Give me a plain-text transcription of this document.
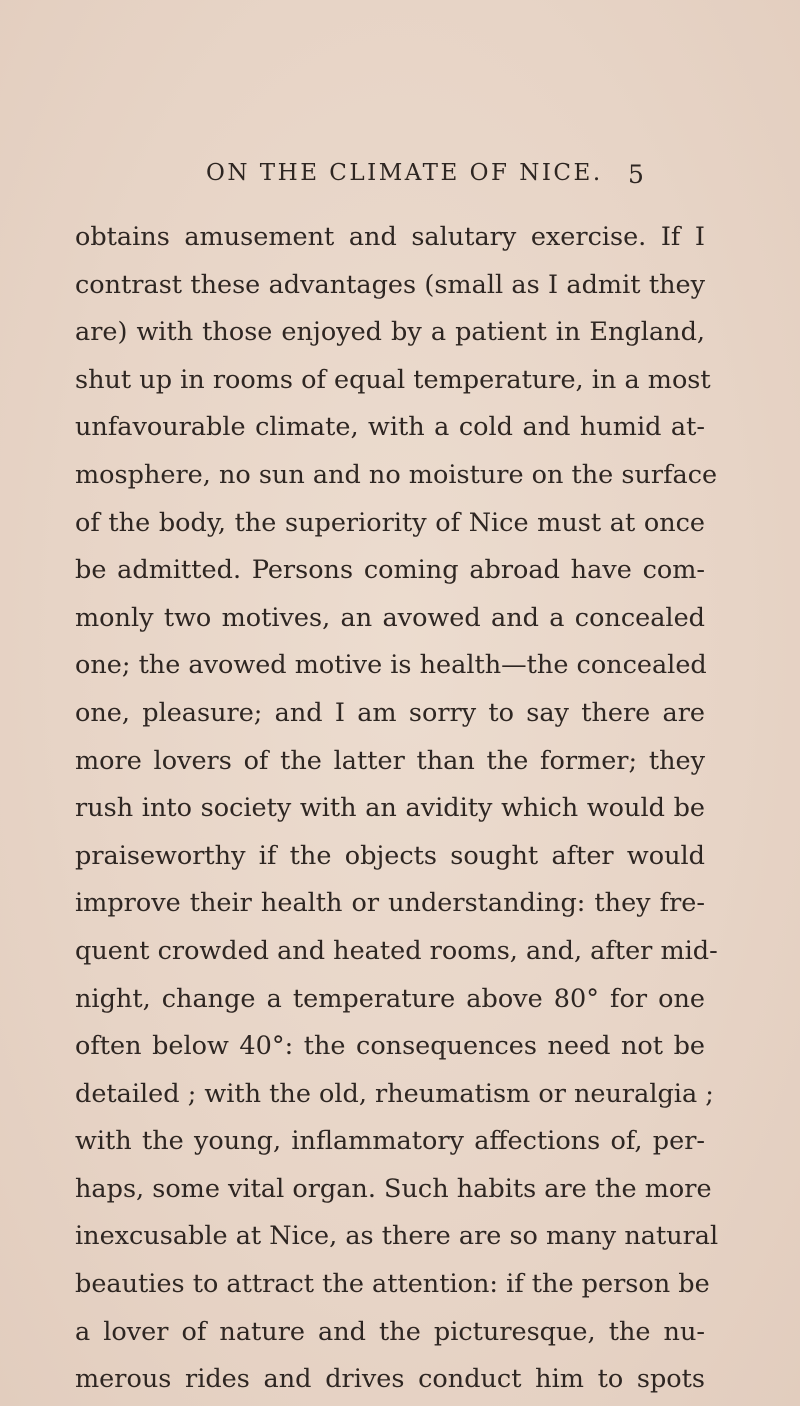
ON THE CLIMATE OF NICE. 5
obtains amusement and salutary exercise. If I
contrast these advantages (small as I admit they
are) with those enjoyed by a patient in England,
shut up in rooms of equal temperature, in a most
unfavourable climate, with a cold and humid at-
mosphere, no sun and no moisture on the surface
of the body, the superiority of Nice must at once
be admitted. Persons coming abroad have com-
monly two motives, an avowed and a concealed
one; the avowed motive is health—the concealed
one, pleasure; and I am sorry to say there are
more lovers of the latter than the former; they
rush into society with an avidity which would be
praiseworthy if the objects sought after would
improve their health or understanding: they fre-
quent crowded and heated rooms, and, after mid-
night, change a temperature above 80° for one
often below 40°: the consequences need not be
detailed ; with the old, rheumatism or neuralgia ;
with the young, inflammatory affections of, per-
haps, some vital organ. Such habits are the more
inexcusable at Nice, as there are so many natural
beauties to attract the attention: if the person be
a lover of nature and the picturesque, the nu-
merous rides and drives conduct him to spots
